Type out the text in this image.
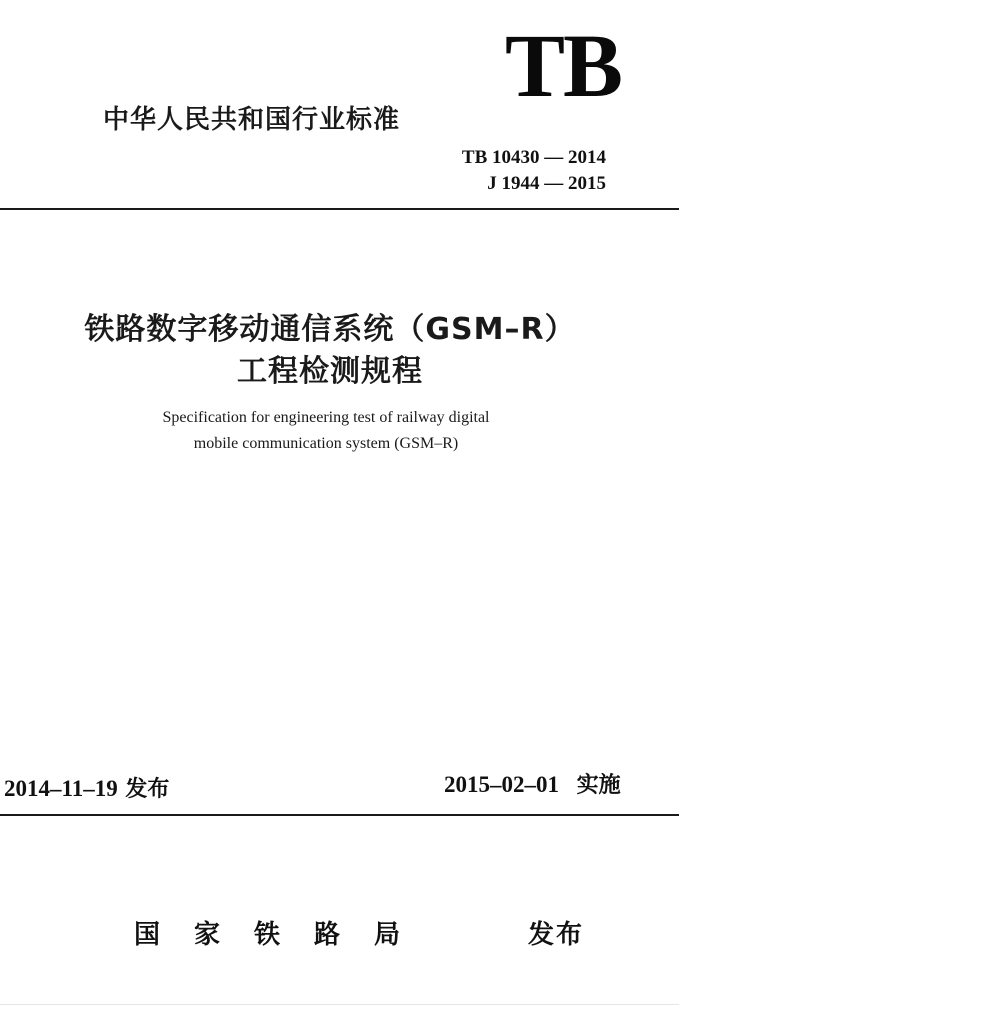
TB
中华人民共和国行业标准
TB 10430 — 2014
J 1944 — 2015
铁路数字移动通信系统（GSM–R）
工程检测规程
Specification for engineering test of railway digital
mobile communication system (GSM–R)
2014–11–19 发布	2015–02–01 实施
国家铁路局	发布
